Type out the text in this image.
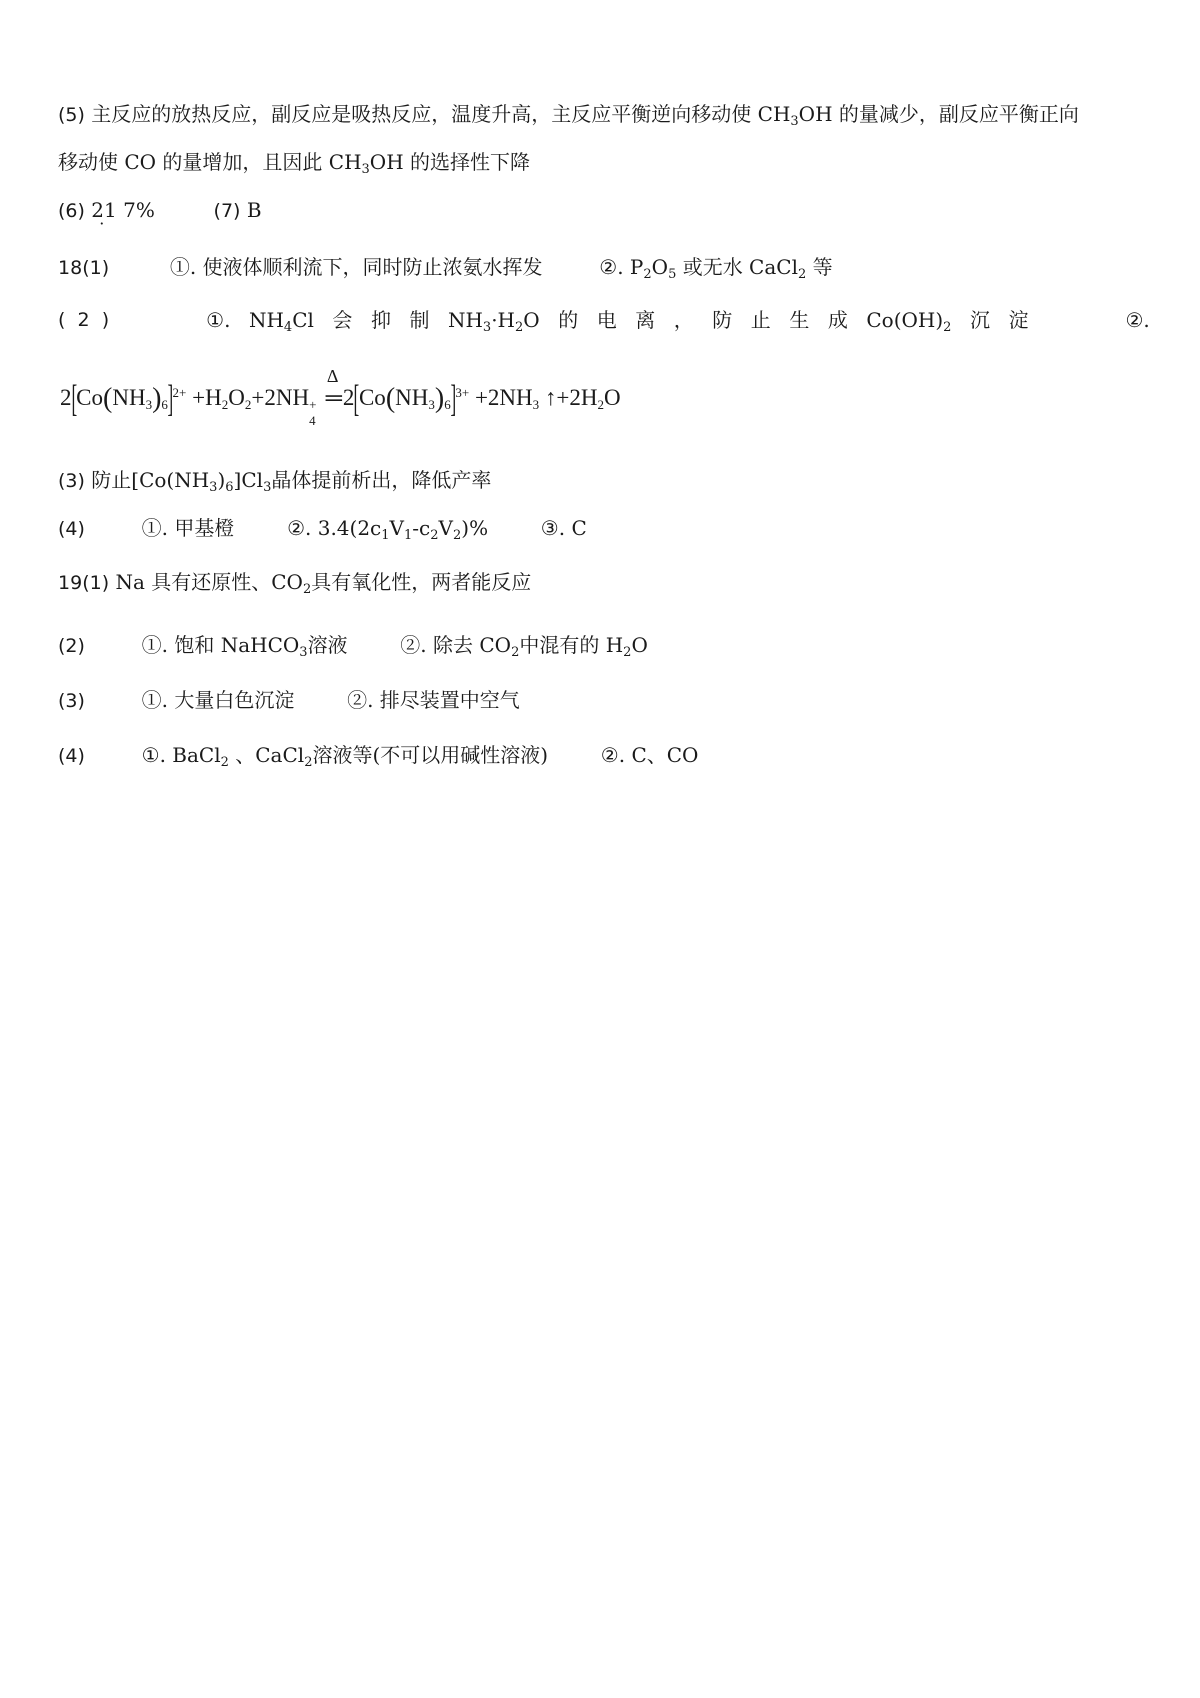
(5) 主反应的放热反应，副反应是吸热反应，温度升高，主反应平衡逆向移动使 $CH_3OH$ 的量减少，副反应平衡正向
移动使 CO 的量增加，且因此 $CH_3OH$ 的选择性下降
(6) 21 7% ·	(7) B
18(1)	①. 使液体顺利流下，同时防止浓氨水挥发	②. $P_2O_5$ 或无水 CaCl$_2$ 等
( 2 )	①. $NH_4Cl$ 会 抑 制 $NH_3\cdot H_2O$ 的 电 离 ， 防 止 生 成 $Co(OH)_2$ 沉 淀	②.
$2[Co(NH_3)_6]^{2+} +H_2O_2+2NH$ +
4

Δ
$═2[Co(NH_3)_6]^{3+} +2NH_3$ $↑+2H_2O$
(3) 防止$[Co(NH_3)_6]Cl_3$晶体提前析出，降低产率
(4)	①. 甲基橙	②. $3.4(2c_1V_1-c_2V_2)\%$	③. C
19(1) Na 具有还原性、$CO_2$具有氧化性，两者能反应
(2)	①. 饱和 NaHCO$_3$溶液	②. 除去 $CO_2$中混有的 $H_2O$
(3)	①. 大量白色沉淀	②. 排尽装置中空气
(4)	①. BaCl$_2$ 、CaCl$_2$溶液等(不可以用碱性溶液)	②. C、CO
